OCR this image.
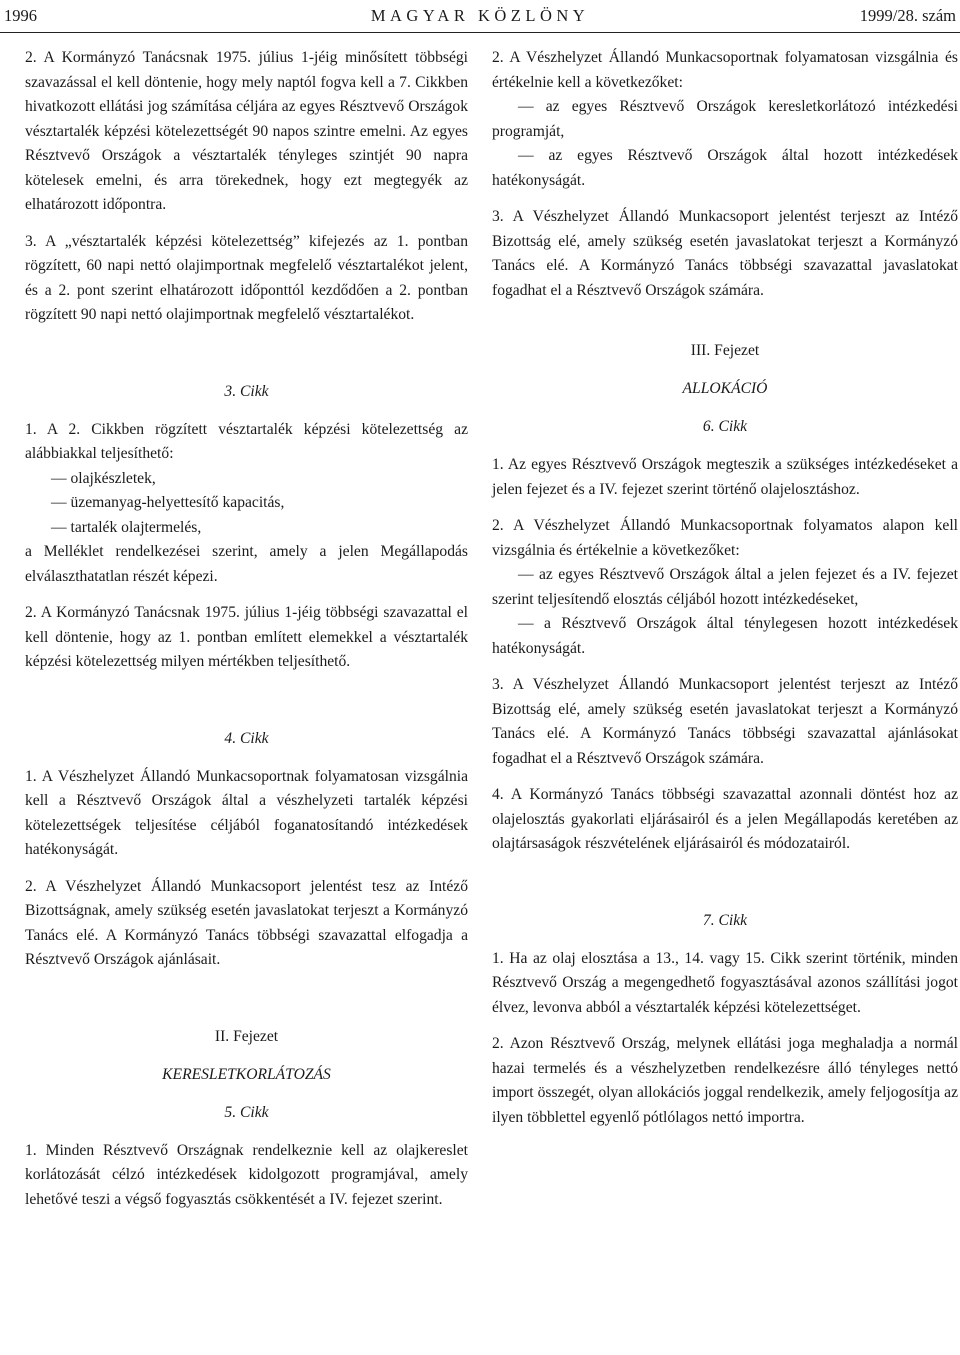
1996	MAGYAR KÖZLÖNY	1999/28. szám

2. A Kormányzó Tanácsnak 1975. július 1-jéig minősített többségi szavazással el kell döntenie, hogy mely naptól fogva kell a 7. Cikkben hivatkozott ellátási jog számítása céljára az egyes Résztvevő Országok vésztartalék képzési kötelezettségét 90 napos szintre emelni. Az egyes Résztvevő Országok a vésztartalék tényleges szintjét 90 napra kötelesek emelni, és arra törekednek, hogy ezt megtegyék az elhatározott időpontra.

3. A „vésztartalék képzési kötelezettség” kifejezés az 1. pontban rögzített, 60 napi nettó olajimportnak megfelelő vésztartalékot jelent, és a 2. pont szerint elhatározott időponttól kezdődően a 2. pontban rögzített 90 napi nettó olajimportnak megfelelő vésztartalékot.

3. Cikk

1. A 2. Cikkben rögzített vésztartalék képzési kötelezettség az alábbiakkal teljesíthető:

— olajkészletek,

— üzemanyag-helyettesítő kapacitás,

— tartalék olajtermelés,

a Melléklet rendelkezései szerint, amely a jelen Megállapodás elválaszthatatlan részét képezi.

2. A Kormányzó Tanácsnak 1975. július 1-jéig többségi szavazattal el kell döntenie, hogy az 1. pontban említett elemekkel a vésztartalék képzési kötelezettség milyen mértékben teljesíthető.

4. Cikk

1. A Vészhelyzet Állandó Munkacsoportnak folyamatosan vizsgálnia kell a Résztvevő Országok által a vészhelyzeti tartalék képzési kötelezettségek teljesítése céljából foganatosítandó intézkedések hatékonyságát.

2. A Vészhelyzet Állandó Munkacsoport jelentést tesz az Intéző Bizottságnak, amely szükség esetén javaslatokat terjeszt a Kormányzó Tanács elé. A Kormányzó Tanács többségi szavazattal elfogadja a Résztvevő Országok ajánlásait.

II. Fejezet

KERESLETKORLÁTOZÁS

5. Cikk

1. Minden Résztvevő Országnak rendelkeznie kell az olajkereslet korlátozását célzó intézkedések kidolgozott programjával, amely lehetővé teszi a végső fogyasztás csökkentését a IV. fejezet szerint.

2. A Vészhelyzet Állandó Munkacsoportnak folyamatosan vizsgálnia és értékelnie kell a következőket:

— az egyes Résztvevő Országok keresletkorlátozó intézkedési programját,

— az egyes Résztvevő Országok által hozott intézkedések hatékonyságát.

3. A Vészhelyzet Állandó Munkacsoport jelentést terjeszt az Intéző Bizottság elé, amely szükség esetén javaslatokat terjeszt a Kormányzó Tanács elé. A Kormányzó Tanács többségi szavazattal javaslatokat fogadhat el a Résztvevő Országok számára.

III. Fejezet

ALLOKÁCIÓ

6. Cikk

1. Az egyes Résztvevő Országok megteszik a szükséges intézkedéseket a jelen fejezet és a IV. fejezet szerint történő olajelosztáshoz.

2. A Vészhelyzet Állandó Munkacsoportnak folyamatos alapon kell vizsgálnia és értékelnie a következőket:

— az egyes Résztvevő Országok által a jelen fejezet és a IV. fejezet szerint teljesítendő elosztás céljából hozott intézkedéseket,

— a Résztvevő Országok által ténylegesen hozott intézkedések hatékonyságát.

3. A Vészhelyzet Állandó Munkacsoport jelentést terjeszt az Intéző Bizottság elé, amely szükség esetén javaslatokat terjeszt a Kormányzó Tanács elé. A Kormányzó Tanács többségi szavazattal ajánlásokat fogadhat el a Résztvevő Országok számára.

4. A Kormányzó Tanács többségi szavazattal azonnali döntést hoz az olajelosztás gyakorlati eljárásairól és a jelen Megállapodás keretében az olajtársaságok részvételének eljárásairól és módozatairól.

7. Cikk

1. Ha az olaj elosztása a 13., 14. vagy 15. Cikk szerint történik, minden Résztvevő Ország a megengedhető fogyasztásával azonos szállítási jogot élvez, levonva abból a vésztartalék képzési kötelezettséget.

2. Azon Résztvevő Ország, melynek ellátási joga meghaladja a normál hazai termelés és a vészhelyzetben rendelkezésre álló tényleges nettó import összegét, olyan allokációs joggal rendelkezik, amely feljogosítja az ilyen többlettel egyenlő pótlólagos nettó importra.
